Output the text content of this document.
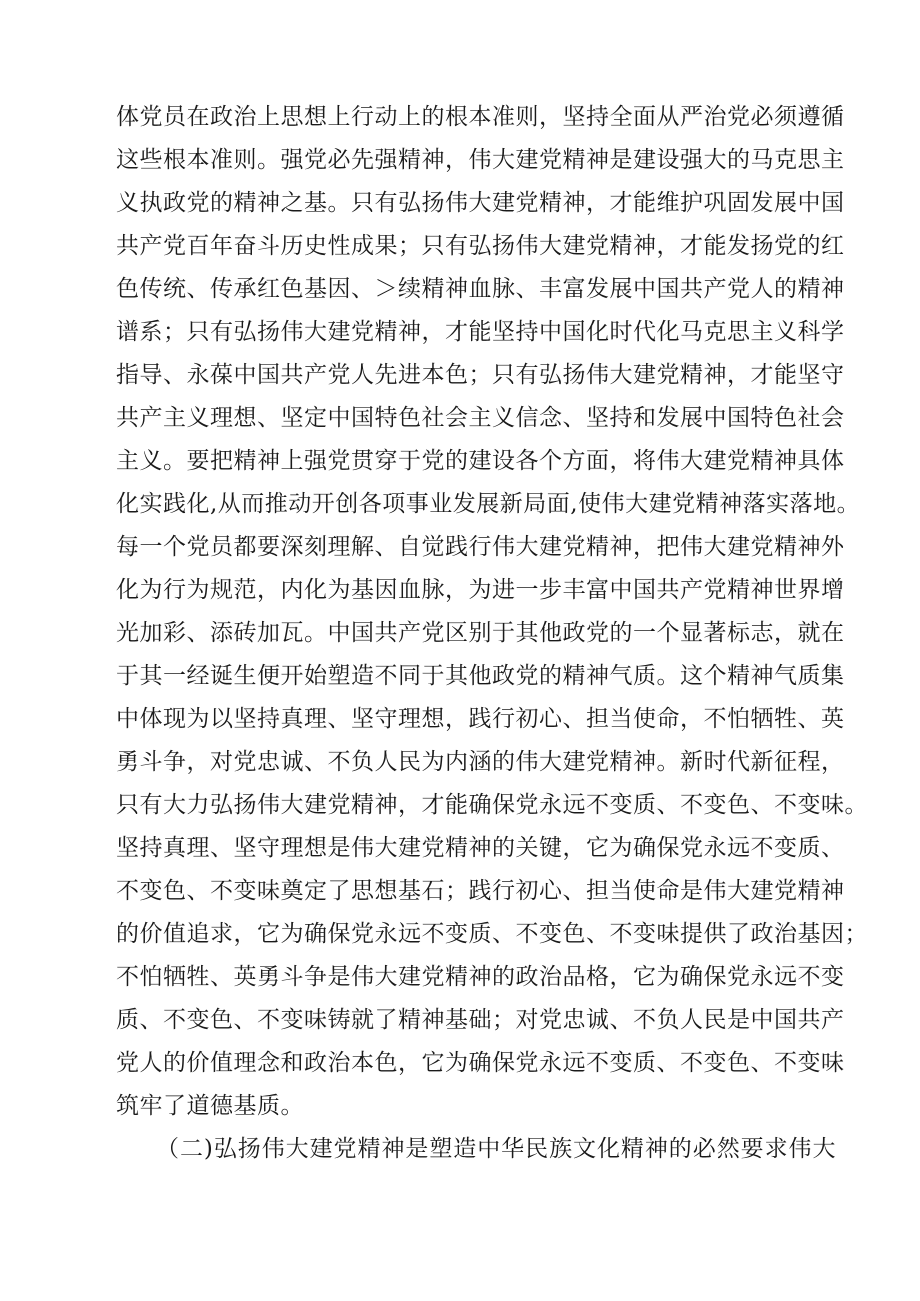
体党员在政治上思想上行动上的根本准则，坚持全面从严治党必须遵循
这些根本准则。强党必先强精神，伟大建党精神是建设强大的马克思主
义执政党的精神之基。只有弘扬伟大建党精神，才能维护巩固发展中国
共产党百年奋斗历史性成果；只有弘扬伟大建党精神，才能发扬党的红
色传统、传承红色基因、＞续精神血脉、丰富发展中国共产党人的精神
谱系；只有弘扬伟大建党精神，才能坚持中国化时代化马克思主义科学
指导、永葆中国共产党人先进本色；只有弘扬伟大建党精神，才能坚守
共产主义理想、坚定中国特色社会主义信念、坚持和发展中国特色社会
主义。要把精神上强党贯穿于党的建设各个方面，将伟大建党精神具体
化实践化,从而推动开创各项事业发展新局面,使伟大建党精神落实落地。
每一个党员都要深刻理解、自觉践行伟大建党精神，把伟大建党精神外
化为行为规范，内化为基因血脉，为进一步丰富中国共产党精神世界增
光加彩、添砖加瓦。中国共产党区别于其他政党的一个显著标志，就在
于其一经诞生便开始塑造不同于其他政党的精神气质。这个精神气质集
中体现为以坚持真理、坚守理想，践行初心、担当使命，不怕牺牲、英
勇斗争，对党忠诚、不负人民为内涵的伟大建党精神。新时代新征程，
只有大力弘扬伟大建党精神，才能确保党永远不变质、不变色、不变味。
坚持真理、坚守理想是伟大建党精神的关键，它为确保党永远不变质、
不变色、不变味奠定了思想基石；践行初心、担当使命是伟大建党精神
的价值追求，它为确保党永远不变质、不变色、不变味提供了政治基因；
不怕牺牲、英勇斗争是伟大建党精神的政治品格，它为确保党永远不变
质、不变色、不变味铸就了精神基础；对党忠诚、不负人民是中国共产
党人的价值理念和政治本色，它为确保党永远不变质、不变色、不变味
筑牢了道德基质。
（二)弘扬伟大建党精神是塑造中华民族文化精神的必然要求伟大
